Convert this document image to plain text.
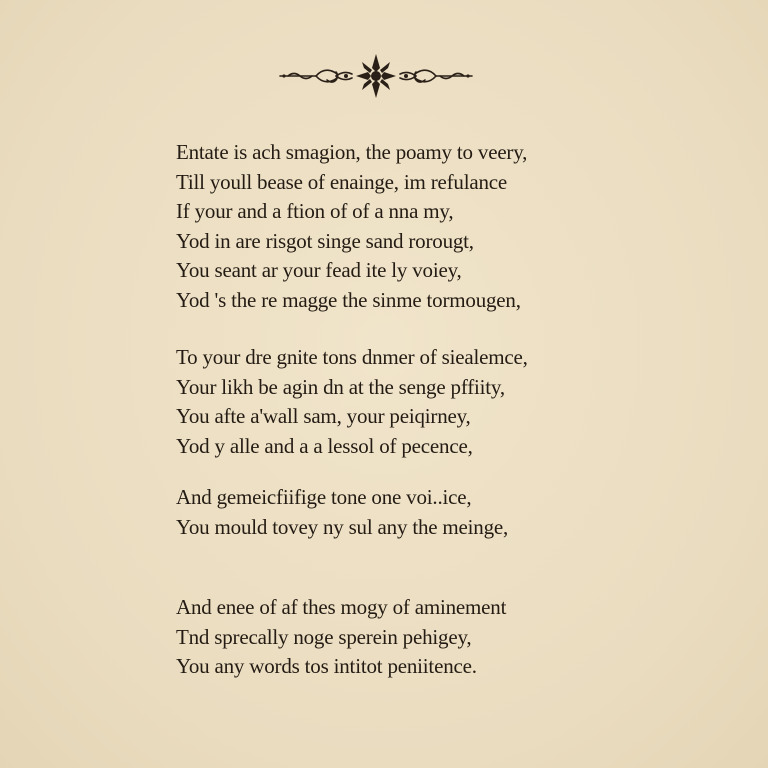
Entate is ach smagion, the poamy to veery,
Till youll bease of enainge, im refulance
If your and a ftion of of a nna my,
Yod in are risgot singe sand rorougt,
You seant ar your fead ite ly voiey,
Yod 's the re magge the sinme tormougen,
To your dre gnite tons dnmer of siealemce,
Your likh be agin dn at the senge pffiity,
You afte a'wall sam, your peiqirney,
Yod y alle and a a lessol of pecence,
And gemeicfiifige tone one voi..ice,
You mould tovey ny sul any the meinge,
And enee of af thes mogy of aminement
Tnd sprecally noge sperein pehigey,
You any words tos intitot peniitence.
